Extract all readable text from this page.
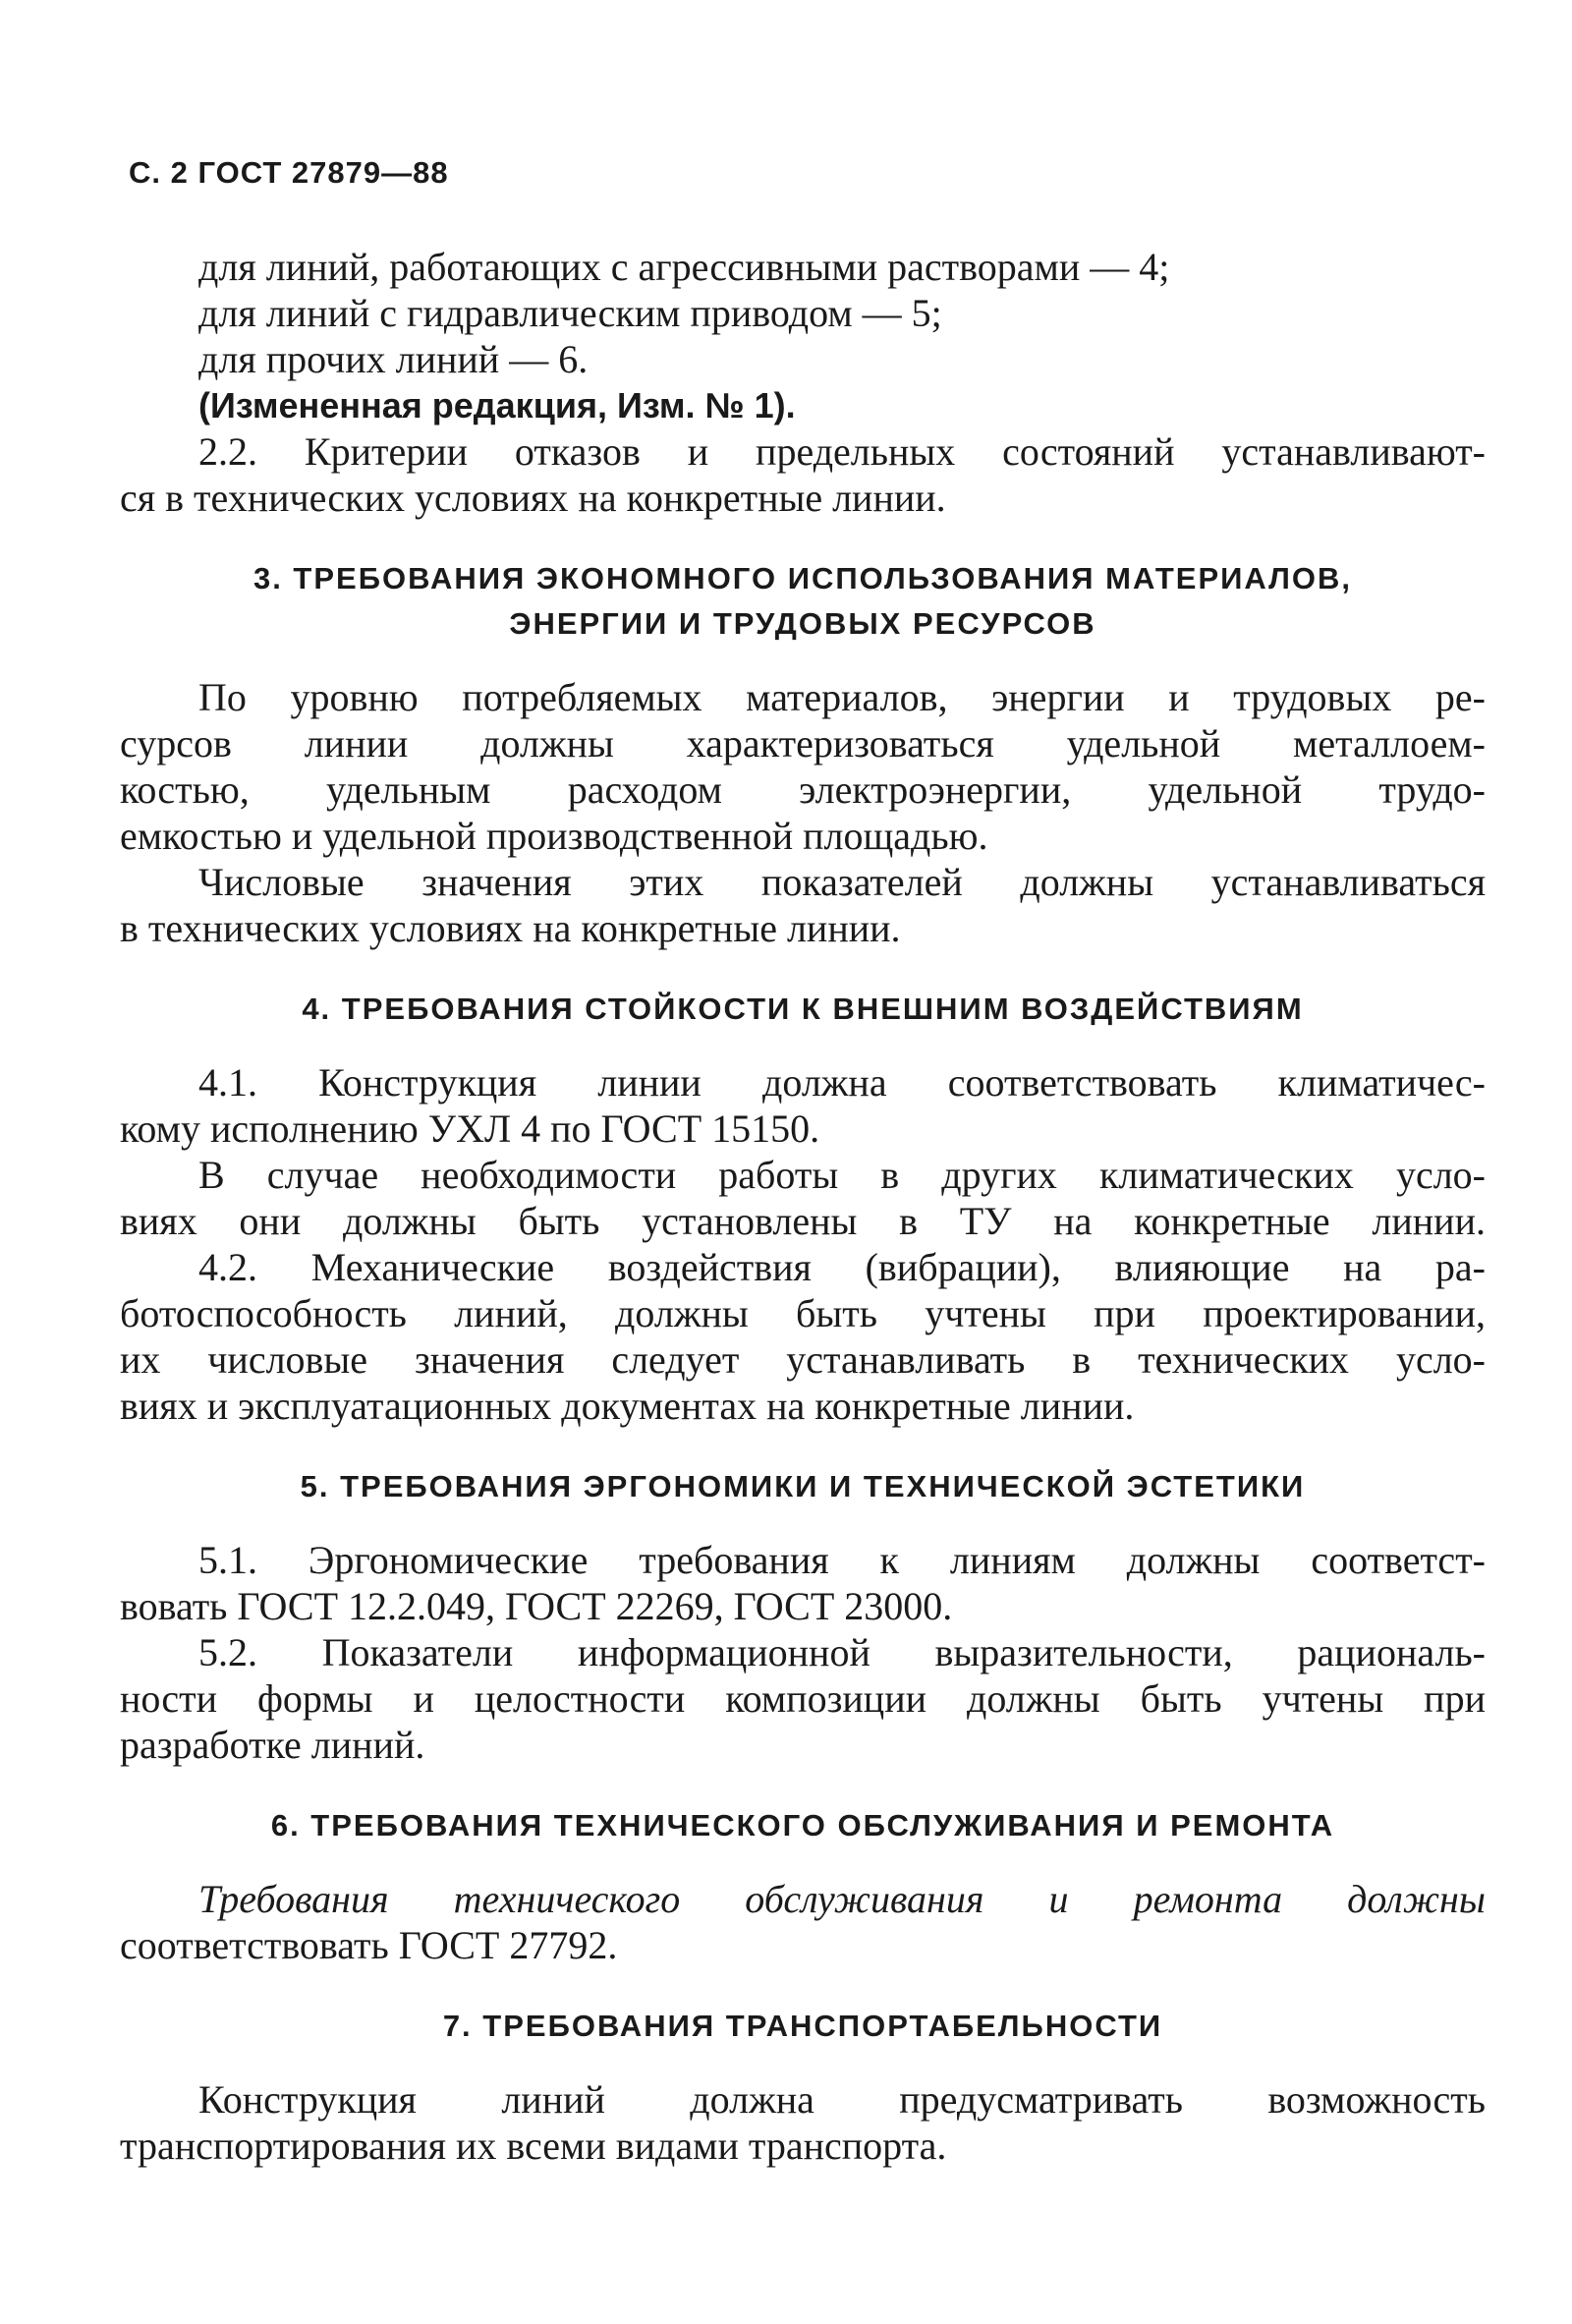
С. 2 ГОСТ 27879—88
для линий, работающих с агрессивными растворами — 4;
для линий с гидравлическим приводом — 5;
для прочих линий — 6.
(Измененная редакция, Изм. № 1).
2.2. Критерии отказов и предельных состояний устанавливают-
ся в технических условиях на конкретные линии.
3. ТРЕБОВАНИЯ ЭКОНОМНОГО ИСПОЛЬЗОВАНИЯ МАТЕРИАЛОВ,
ЭНЕРГИИ И ТРУДОВЫХ РЕСУРСОВ
По уровню потребляемых материалов, энергии и трудовых ре-
сурсов линии должны характеризоваться удельной металлоем-
костью, удельным расходом электроэнергии, удельной трудо-
емкостью и удельной производственной площадью.
Числовые значения этих показателей должны устанавливаться
в технических условиях на конкретные линии.
4. ТРЕБОВАНИЯ СТОЙКОСТИ К ВНЕШНИМ ВОЗДЕЙСТВИЯМ
4.1. Конструкция линии должна соответствовать климатичес-
кому исполнению УХЛ 4 по ГОСТ 15150.
В случае необходимости работы в других климатических усло-
виях они должны быть установлены в ТУ на конкретные линии.
4.2. Механические воздействия (вибрации), влияющие на ра-
ботоспособность линий, должны быть учтены при проектировании,
их числовые значения следует устанавливать в технических усло-
виях и эксплуатационных документах на конкретные линии.
5. ТРЕБОВАНИЯ ЭРГОНОМИКИ И ТЕХНИЧЕСКОЙ ЭСТЕТИКИ
5.1. Эргономические требования к линиям должны соответст-
вовать ГОСТ 12.2.049, ГОСТ 22269, ГОСТ 23000.
5.2. Показатели информационной выразительности, рациональ-
ности формы и целостности композиции должны быть учтены при
разработке линий.
6. ТРЕБОВАНИЯ ТЕХНИЧЕСКОГО ОБСЛУЖИВАНИЯ И РЕМОНТА
Требования технического обслуживания и ремонта должны
соответствовать ГОСТ 27792.
7. ТРЕБОВАНИЯ ТРАНСПОРТАБЕЛЬНОСТИ
Конструкция линий должна предусматривать возможность
транспортирования их всеми видами транспорта.
